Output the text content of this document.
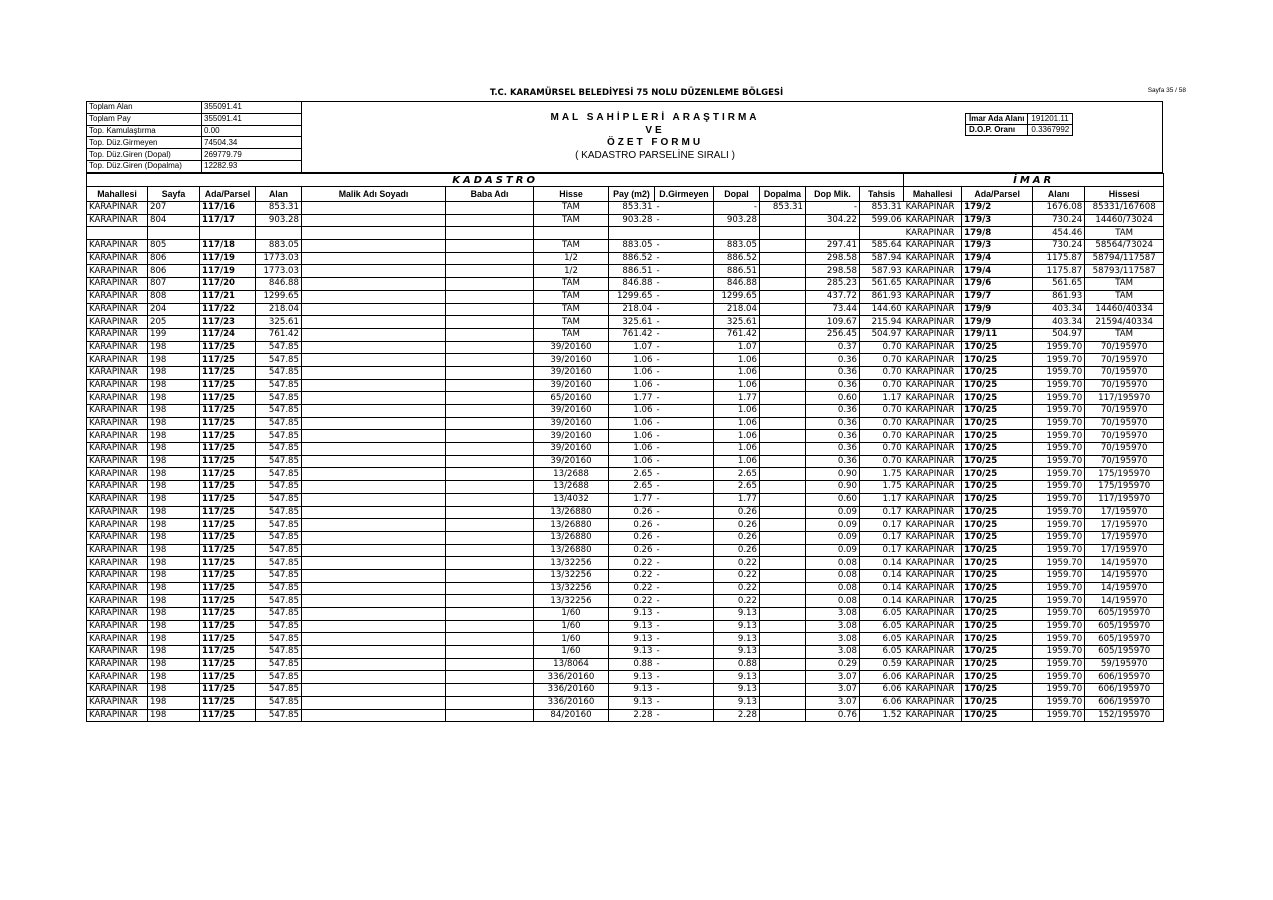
T.C. KARAMÜRSEL BELEDİYESİ 75 NOLU DÜZENLEME BÖLGESİ	Sayfa 35 / 58
Toplam Alan	355091.41
Toplam Pay	355091.41
Top. Kamulaştırma	0.00
Top. Düz.Girmeyen	74504.34
Top. Düz.Giren (Dopal)	269779.79
Top. Düz.Giren (Dopalma)	12282.93
MAL SAHİPLERİ ARAŞTIRMA
VE
ÖZET FORMU
( KADASTRO PARSELİNE SIRALI )
İmar Ada Alanı	191201.11
D.O.P. Oranı	0.3367992
KADASTRO													İMAR			
Mahallesi	Sayfa	Ada/Parsel	Alan	Malik Adı Soyadı	Baba Adı	Hisse	Pay (m2)	D.Girmeyen	Dopal	Dopalma	Dop Mik.	Tahsis	Mahallesi	Ada/Parsel	Alanı	Hissesi
KARAPINAR	207	117/16	853.31			TAM	853.31	-	-	853.31	-	853.31	KARAPINAR	179/2	1676.08	85331/167608
KARAPINAR	804	117/17	903.28			TAM	903.28	-	903.28		304.22	599.06	KARAPINAR	179/3	730.24	14460/73024
													KARAPINAR	179/8	454.46	TAM
KARAPINAR	805	117/18	883.05			TAM	883.05	-	883.05		297.41	585.64	KARAPINAR	179/3	730.24	58564/73024
KARAPINAR	806	117/19	1773.03			1/2	886.52	-	886.52		298.58	587.94	KARAPINAR	179/4	1175.87	58794/117587
KARAPINAR	806	117/19	1773.03			1/2	886.51	-	886.51		298.58	587.93	KARAPINAR	179/4	1175.87	58793/117587
KARAPINAR	807	117/20	846.88			TAM	846.88	-	846.88		285.23	561.65	KARAPINAR	179/6	561.65	TAM
KARAPINAR	808	117/21	1299.65			TAM	1299.65	-	1299.65		437.72	861.93	KARAPINAR	179/7	861.93	TAM
KARAPINAR	204	117/22	218.04			TAM	218.04	-	218.04		73.44	144.60	KARAPINAR	179/9	403.34	14460/40334
KARAPINAR	205	117/23	325.61			TAM	325.61	-	325.61		109.67	215.94	KARAPINAR	179/9	403.34	21594/40334
KARAPINAR	199	117/24	761.42			TAM	761.42	-	761.42		256.45	504.97	KARAPINAR	179/11	504.97	TAM
KARAPINAR	198	117/25	547.85			39/20160	1.07	-	1.07		0.37	0.70	KARAPINAR	170/25	1959.70	70/195970
KARAPINAR	198	117/25	547.85			39/20160	1.06	-	1.06		0.36	0.70	KARAPINAR	170/25	1959.70	70/195970
KARAPINAR	198	117/25	547.85			39/20160	1.06	-	1.06		0.36	0.70	KARAPINAR	170/25	1959.70	70/195970
KARAPINAR	198	117/25	547.85			39/20160	1.06	-	1.06		0.36	0.70	KARAPINAR	170/25	1959.70	70/195970
KARAPINAR	198	117/25	547.85			65/20160	1.77	-	1.77		0.60	1.17	KARAPINAR	170/25	1959.70	117/195970
KARAPINAR	198	117/25	547.85			39/20160	1.06	-	1.06		0.36	0.70	KARAPINAR	170/25	1959.70	70/195970
KARAPINAR	198	117/25	547.85			39/20160	1.06	-	1.06		0.36	0.70	KARAPINAR	170/25	1959.70	70/195970
KARAPINAR	198	117/25	547.85			39/20160	1.06	-	1.06		0.36	0.70	KARAPINAR	170/25	1959.70	70/195970
KARAPINAR	198	117/25	547.85			39/20160	1.06	-	1.06		0.36	0.70	KARAPINAR	170/25	1959.70	70/195970
KARAPINAR	198	117/25	547.85			39/20160	1.06	-	1.06		0.36	0.70	KARAPINAR	170/25	1959.70	70/195970
KARAPINAR	198	117/25	547.85			13/2688	2.65	-	2.65		0.90	1.75	KARAPINAR	170/25	1959.70	175/195970
KARAPINAR	198	117/25	547.85			13/2688	2.65	-	2.65		0.90	1.75	KARAPINAR	170/25	1959.70	175/195970
KARAPINAR	198	117/25	547.85			13/4032	1.77	-	1.77		0.60	1.17	KARAPINAR	170/25	1959.70	117/195970
KARAPINAR	198	117/25	547.85			13/26880	0.26	-	0.26		0.09	0.17	KARAPINAR	170/25	1959.70	17/195970
KARAPINAR	198	117/25	547.85			13/26880	0.26	-	0.26		0.09	0.17	KARAPINAR	170/25	1959.70	17/195970
KARAPINAR	198	117/25	547.85			13/26880	0.26	-	0.26		0.09	0.17	KARAPINAR	170/25	1959.70	17/195970
KARAPINAR	198	117/25	547.85			13/26880	0.26	-	0.26		0.09	0.17	KARAPINAR	170/25	1959.70	17/195970
KARAPINAR	198	117/25	547.85			13/32256	0.22	-	0.22		0.08	0.14	KARAPINAR	170/25	1959.70	14/195970
KARAPINAR	198	117/25	547.85			13/32256	0.22	-	0.22		0.08	0.14	KARAPINAR	170/25	1959.70	14/195970
KARAPINAR	198	117/25	547.85			13/32256	0.22	-	0.22		0.08	0.14	KARAPINAR	170/25	1959.70	14/195970
KARAPINAR	198	117/25	547.85			13/32256	0.22	-	0.22		0.08	0.14	KARAPINAR	170/25	1959.70	14/195970
KARAPINAR	198	117/25	547.85			1/60	9.13	-	9.13		3.08	6.05	KARAPINAR	170/25	1959.70	605/195970
KARAPINAR	198	117/25	547.85			1/60	9.13	-	9.13		3.08	6.05	KARAPINAR	170/25	1959.70	605/195970
KARAPINAR	198	117/25	547.85			1/60	9.13	-	9.13		3.08	6.05	KARAPINAR	170/25	1959.70	605/195970
KARAPINAR	198	117/25	547.85			1/60	9.13	-	9.13		3.08	6.05	KARAPINAR	170/25	1959.70	605/195970
KARAPINAR	198	117/25	547.85			13/8064	0.88	-	0.88		0.29	0.59	KARAPINAR	170/25	1959.70	59/195970
KARAPINAR	198	117/25	547.85			336/20160	9.13	-	9.13		3.07	6.06	KARAPINAR	170/25	1959.70	606/195970
KARAPINAR	198	117/25	547.85			336/20160	9.13	-	9.13		3.07	6.06	KARAPINAR	170/25	1959.70	606/195970
KARAPINAR	198	117/25	547.85			336/20160	9.13	-	9.13		3.07	6.06	KARAPINAR	170/25	1959.70	606/195970
KARAPINAR	198	117/25	547.85			84/20160	2.28	-	2.28		0.76	1.52	KARAPINAR	170/25	1959.70	152/195970
